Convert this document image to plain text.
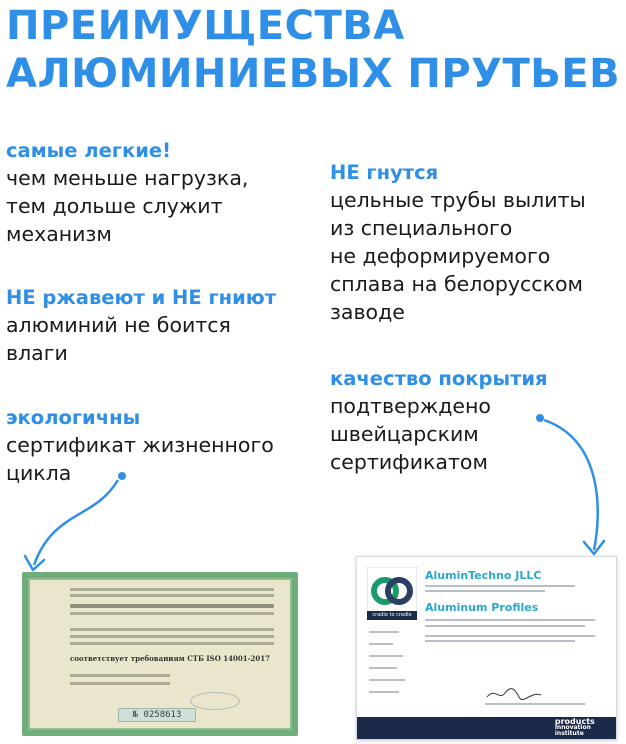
ПРЕИМУЩЕСТВА
АЛЮМИНИЕВЫХ ПРУТЬЕВ
самые легкие!
чем меньше нагрузка,
тем дольше служит
механизм
НЕ ржавеют и НЕ гниют
алюминий не боится
влаги
экологичны
сертификат жизненного
цикла
НЕ гнутся
цельные трубы вылиты
из специального
не деформируемого
сплава на белорусском
заводе
качество покрытия
подтверждено
швейцарским
сертификатом
соответствует требованиям СТБ ISO 14001-2017
№ 0258613
cradle to cradle
AluminTechno JLLC
Aluminum Profiles
cradle to cradle
products
innovation
institute
